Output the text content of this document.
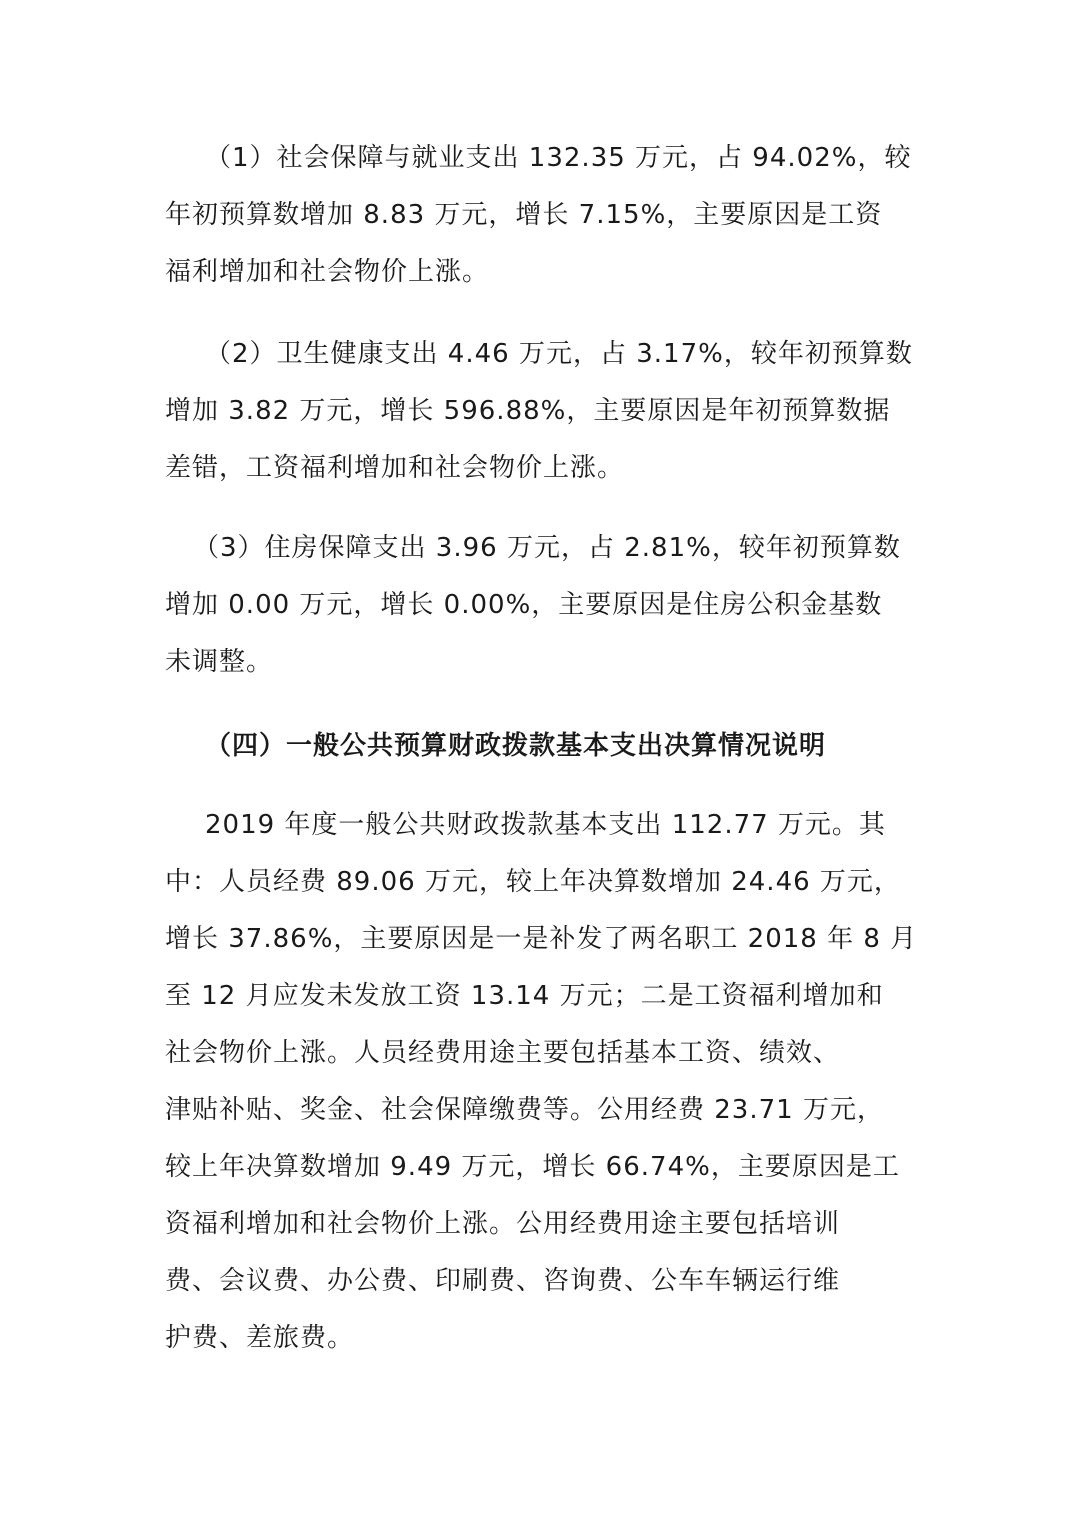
（1）社会保障与就业支出 132.35 万元，占 94.02%，较
年初预算数增加 8.83 万元，增长 7.15%，主要原因是工资
福利增加和社会物价上涨。
（2）卫生健康支出 4.46 万元，占 3.17%，较年初预算数
增加 3.82 万元，增长 596.88%，主要原因是年初预算数据
差错，工资福利增加和社会物价上涨。
（3）住房保障支出 3.96 万元，占 2.81%，较年初预算数
增加 0.00 万元，增长 0.00%，主要原因是住房公积金基数
未调整。
（四）一般公共预算财政拨款基本支出决算情况说明
2019 年度一般公共财政拨款基本支出 112.77 万元。其
中：人员经费 89.06 万元，较上年决算数增加 24.46 万元，
增长 37.86%，主要原因是一是补发了两名职工 2018 年 8 月
至 12 月应发未发放工资 13.14 万元；二是工资福利增加和
社会物价上涨。人员经费用途主要包括基本工资、绩效、
津贴补贴、奖金、社会保障缴费等。公用经费 23.71 万元，
较上年决算数增加 9.49 万元，增长 66.74%，主要原因是工
资福利增加和社会物价上涨。公用经费用途主要包括培训
费、会议费、办公费、印刷费、咨询费、公车车辆运行维
护费、差旅费。
